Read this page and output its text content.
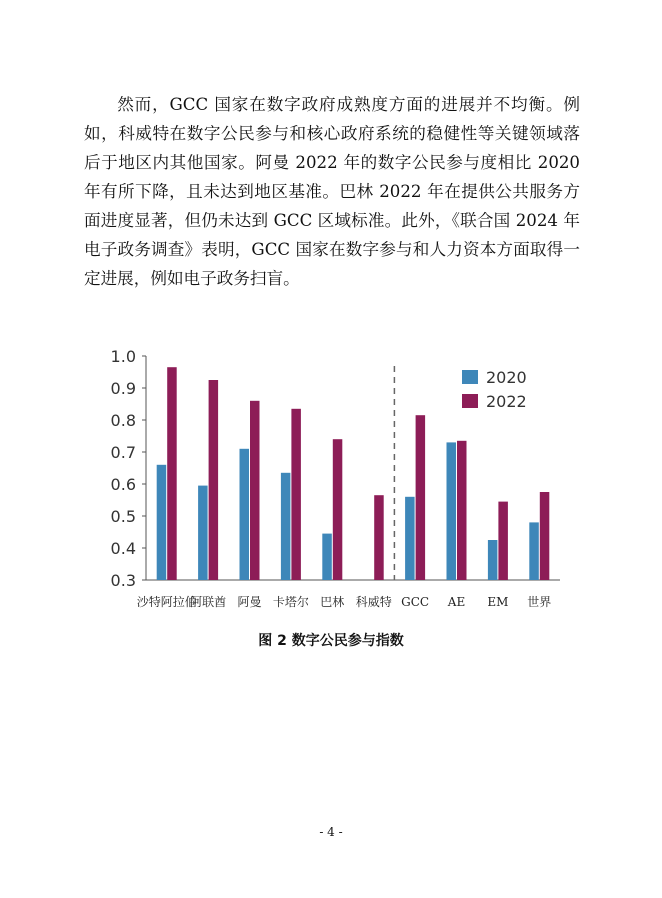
然而，GCC 国家在数字政府成熟度方面的进展并不均衡。例如，科威特在数字公民参与和核心政府系统的稳健性等关键领域落后于地区内其他国家。阿曼 2022 年的数字公民参与度相比 2020 年有所下降，且未达到地区基准。巴林 2022 年在提供公共服务方面进度显著，但仍未达到 GCC 区域标准。此外，《联合国 2024 年电子政务调查》表明，GCC 国家在数字参与和人力资本方面取得一定进展，例如电子政务扫盲。

1.0
0.9
0.8
0.7
0.6
0.5
0.4
0.3
沙特阿拉伯
阿联酋 阿曼 卡塔尔 巴林 科威特 GCC AE EM 世界
2020
2022
图 2 数字公民参与指数
- 4 -
